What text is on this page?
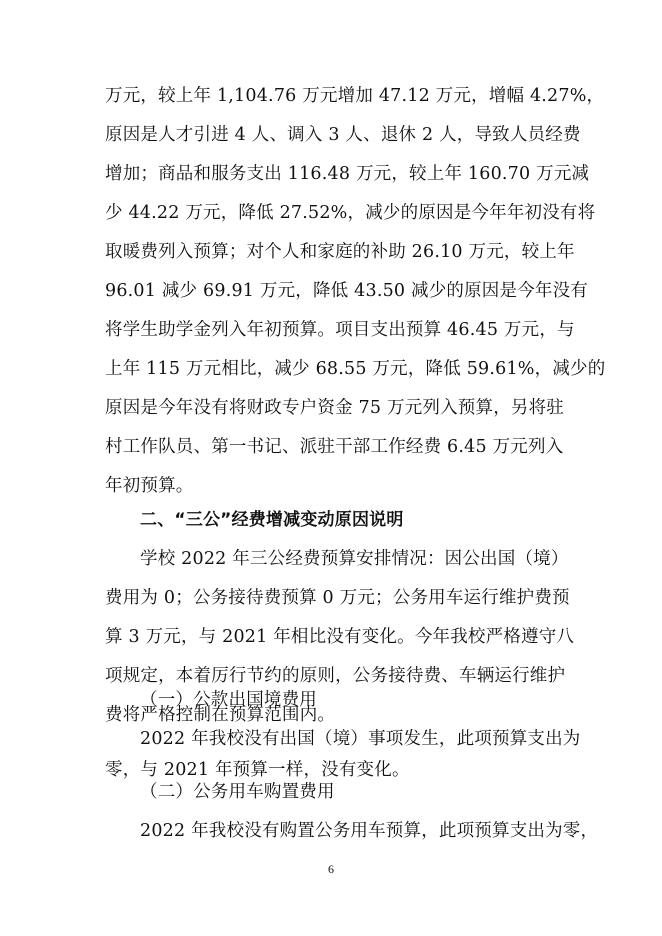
万元，较上年 1,104.76 万元增加 47.12 万元，增幅 4.27%，
原因是人才引进 4 人、调入 3 人、退休 2 人，导致人员经费
增加；商品和服务支出 116.48 万元，较上年 160.70 万元减
少 44.22 万元，降低 27.52%，减少的原因是今年年初没有将
取暖费列入预算；对个人和家庭的补助 26.10 万元，较上年
96.01 减少 69.91 万元，降低 43.50 减少的原因是今年没有
将学生助学金列入年初预算。项目支出预算 46.45 万元，与
上年 115 万元相比，减少 68.55 万元，降低 59.61%，减少的
原因是今年没有将财政专户资金 75 万元列入预算，另将驻
村工作队员、第一书记、派驻干部工作经费 6.45 万元列入
年初预算。
二、“三公”经费增减变动原因说明
学校 2022 年三公经费预算安排情况：因公出国（境）
费用为 0；公务接待费预算 0 万元；公务用车运行维护费预
算 3 万元，与 2021 年相比没有变化。今年我校严格遵守八
项规定，本着厉行节约的原则，公务接待费、车辆运行维护
费将严格控制在预算范围内。
（一）公款出国境费用
2022 年我校没有出国（境）事项发生，此项预算支出为
零，与 2021 年预算一样，没有变化。
（二）公务用车购置费用
2022 年我校没有购置公务用车预算，此项预算支出为零，
6
